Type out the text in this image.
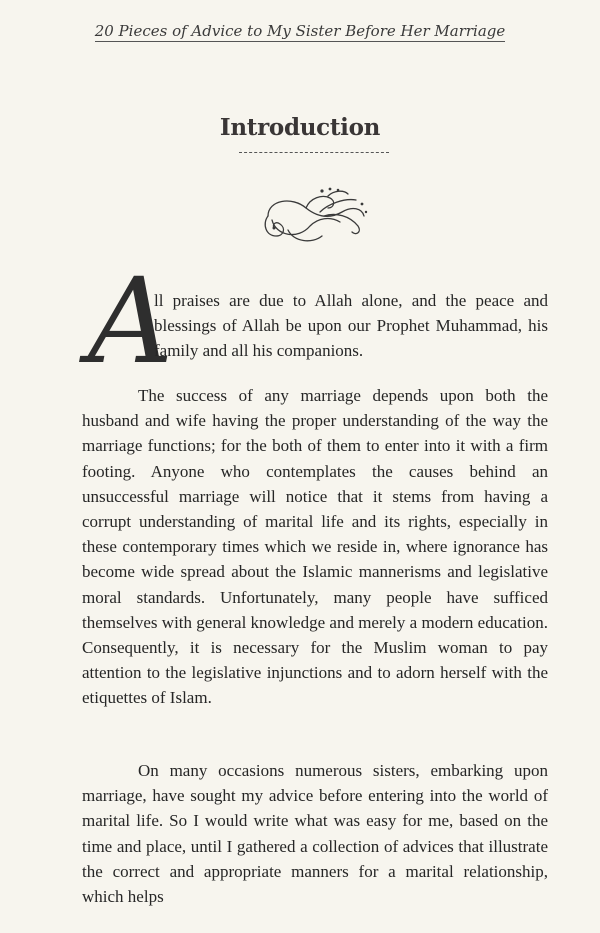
20 Pieces of Advice to My Sister Before Her Marriage
Introduction
A

ll praises are due to Allah alone, and the peace and blessings of Allah be upon our Prophet Muhammad, his family and all his companions.

The success of any marriage depends upon both the husband and wife having the proper understanding of the way the marriage functions; for the both of them to enter into it with a firm footing. Anyone who contemplates the causes behind an unsuccessful marriage will notice that it stems from having a corrupt understanding of marital life and its rights, especially in these contemporary times which we reside in, where ignorance has become wide spread about the Islamic mannerisms and legislative moral standards. Unfortunately, many people have sufficed themselves with general knowledge and merely a modern education. Consequently, it is necessary for the Muslim woman to pay attention to the legislative injunctions and to adorn herself with the etiquettes of Islam.

On many occasions numerous sisters, embarking upon marriage, have sought my advice before entering into the world of marital life. So I would write what was easy for me, based on the time and place, until I gathered a collection of advices that illustrate the correct and appropriate manners for a marital relationship, which helps
